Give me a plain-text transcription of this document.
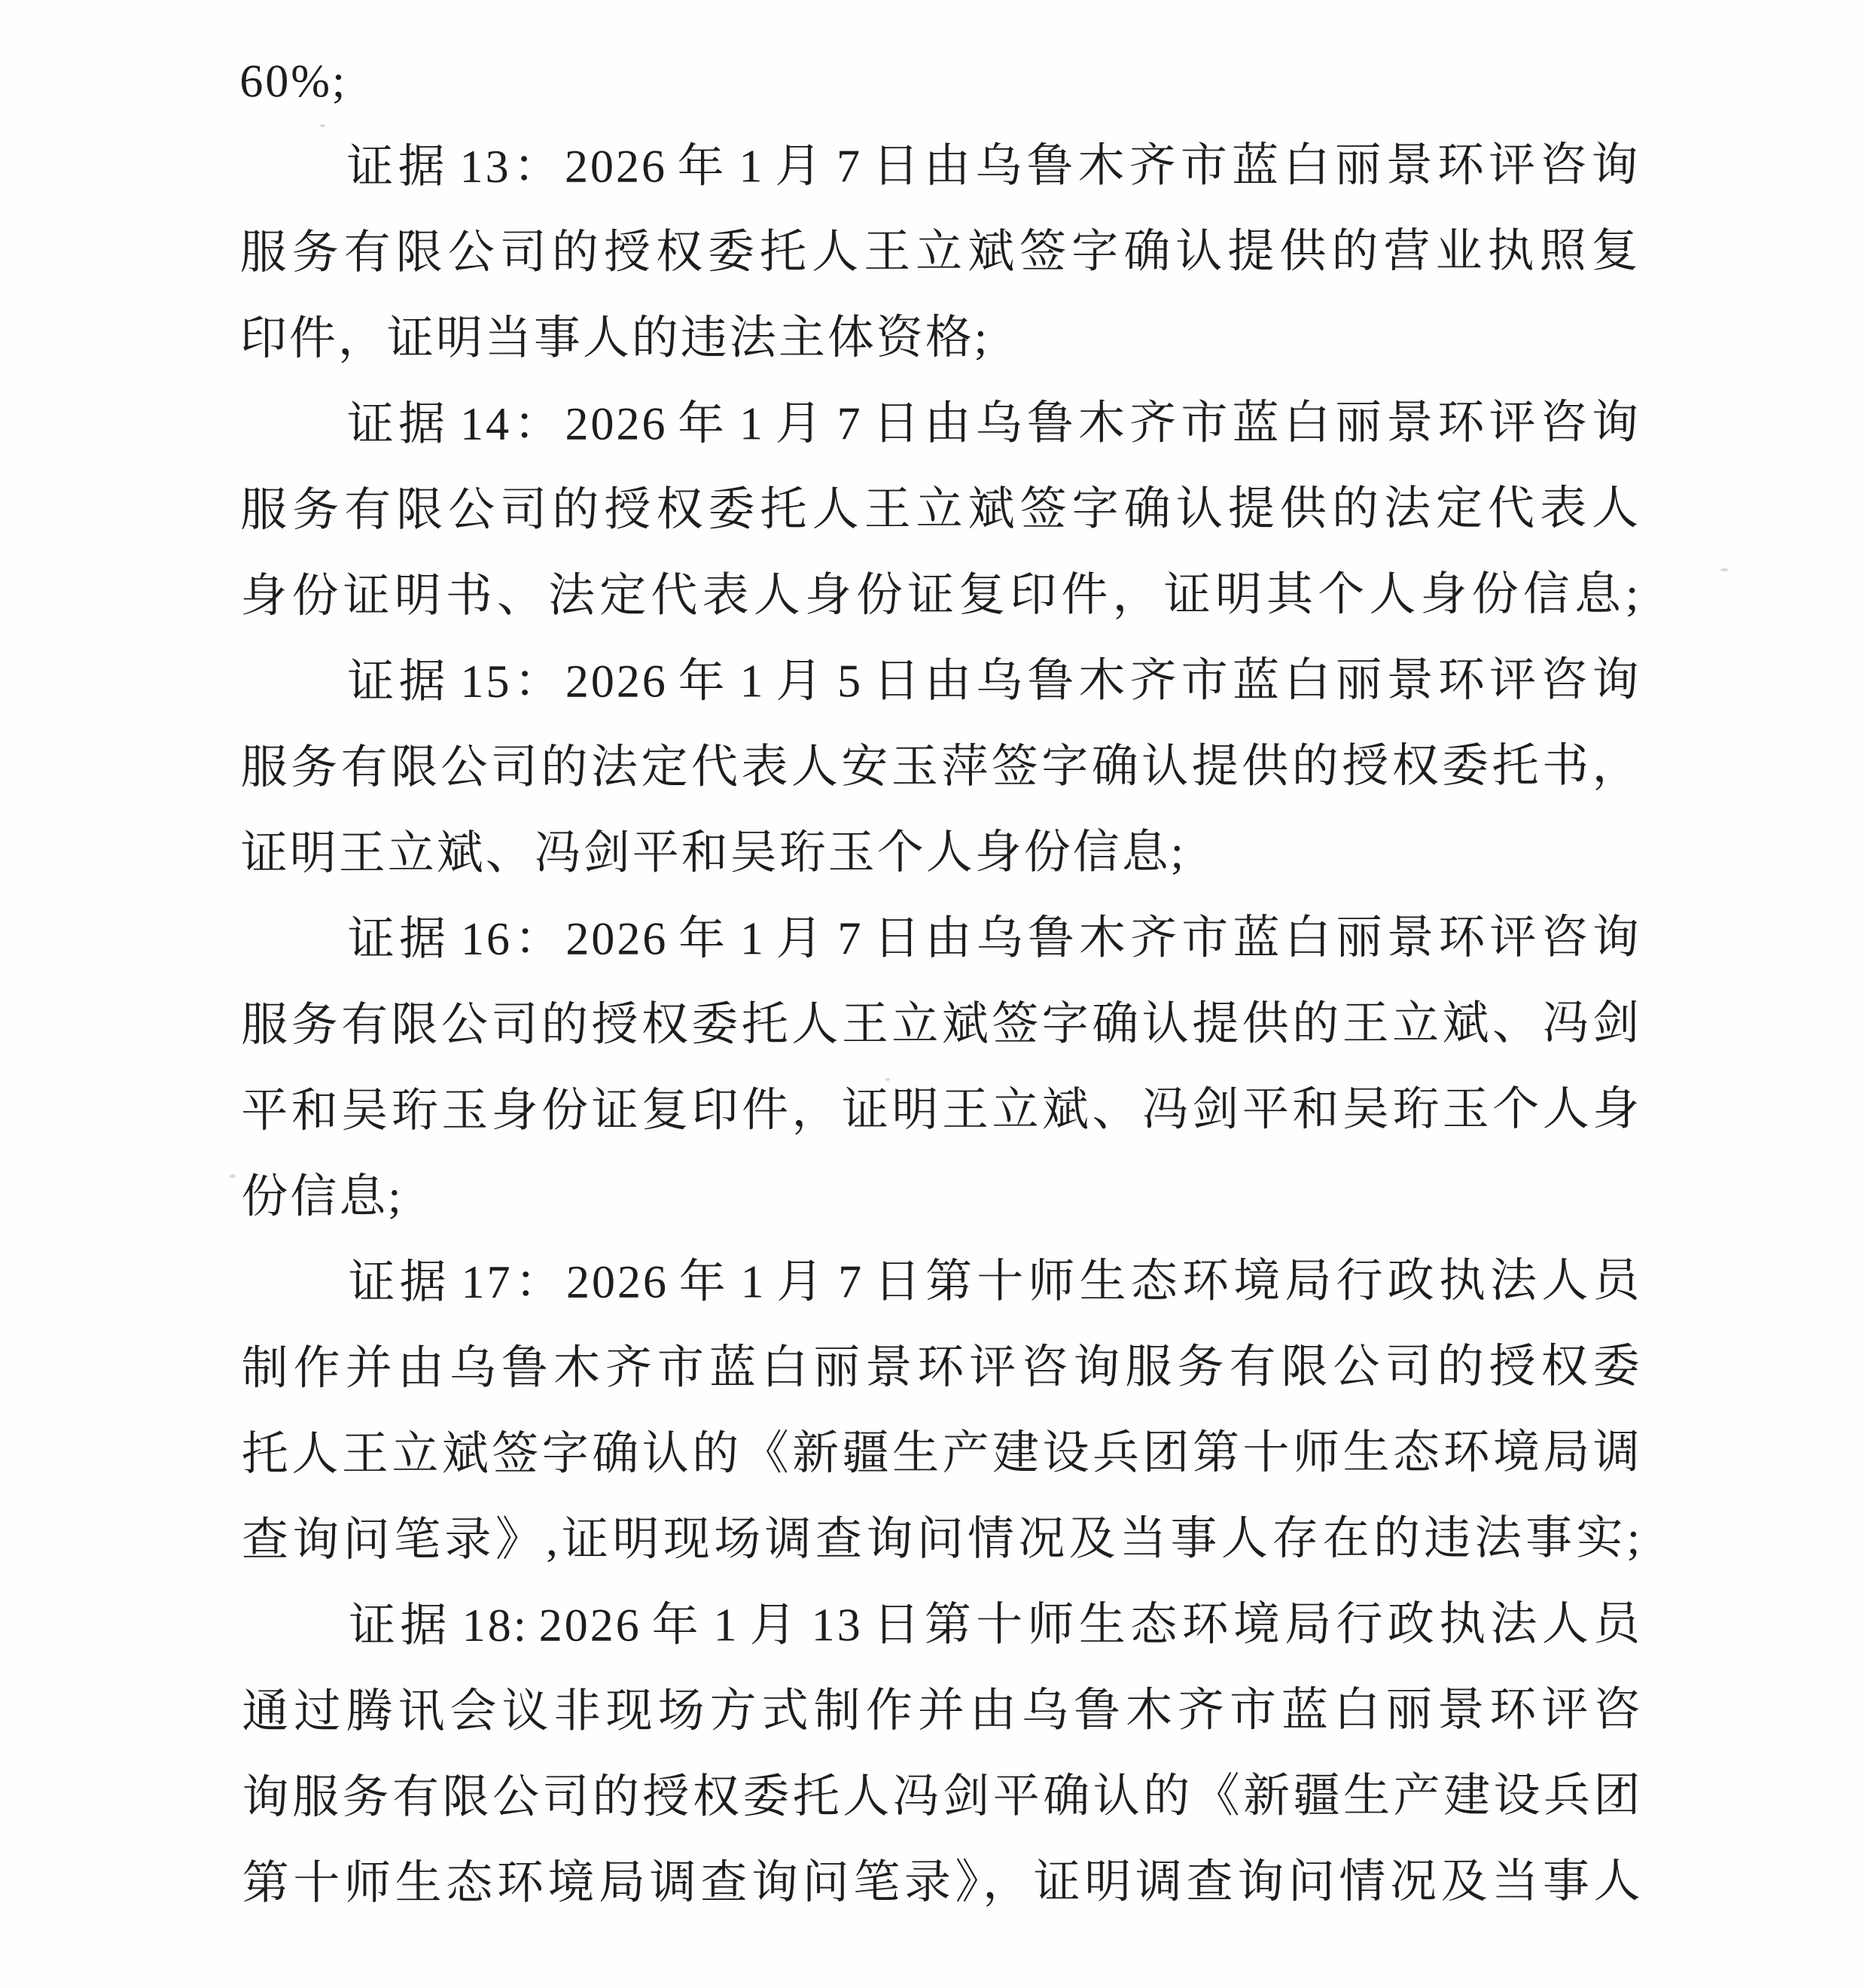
60%;
证据 13：2026 年 1 月 7 日由乌鲁木齐市蓝白丽景环评咨询
服务有限公司的授权委托人王立斌签字确认提供的营业执照复
印件，证明当事人的违法主体资格;
证据 14：2026 年 1 月 7 日由乌鲁木齐市蓝白丽景环评咨询
服务有限公司的授权委托人王立斌签字确认提供的法定代表人
身份证明书、法定代表人身份证复印件，证明其个人身份信息;
证据 15：2026 年 1 月 5 日由乌鲁木齐市蓝白丽景环评咨询
服务有限公司的法定代表人安玉萍签字确认提供的授权委托书，
证明王立斌、冯剑平和吴珩玉个人身份信息;
证据 16：2026 年 1 月 7 日由乌鲁木齐市蓝白丽景环评咨询
服务有限公司的授权委托人王立斌签字确认提供的王立斌、冯剑
平和吴珩玉身份证复印件，证明王立斌、冯剑平和吴珩玉个人身
份信息;
证据 17：2026 年 1 月 7 日第十师生态环境局行政执法人员
制作并由乌鲁木齐市蓝白丽景环评咨询服务有限公司的授权委
托人王立斌签字确认的《新疆生产建设兵团第十师生态环境局调
查询问笔录》,证明现场调查询问情况及当事人存在的违法事实;
证据 18: 2026 年 1 月 13 日第十师生态环境局行政执法人员
通过腾讯会议非现场方式制作并由乌鲁木齐市蓝白丽景环评咨
询服务有限公司的授权委托人冯剑平确认的《新疆生产建设兵团
第十师生态环境局调查询问笔录》，证明调查询问情况及当事人
